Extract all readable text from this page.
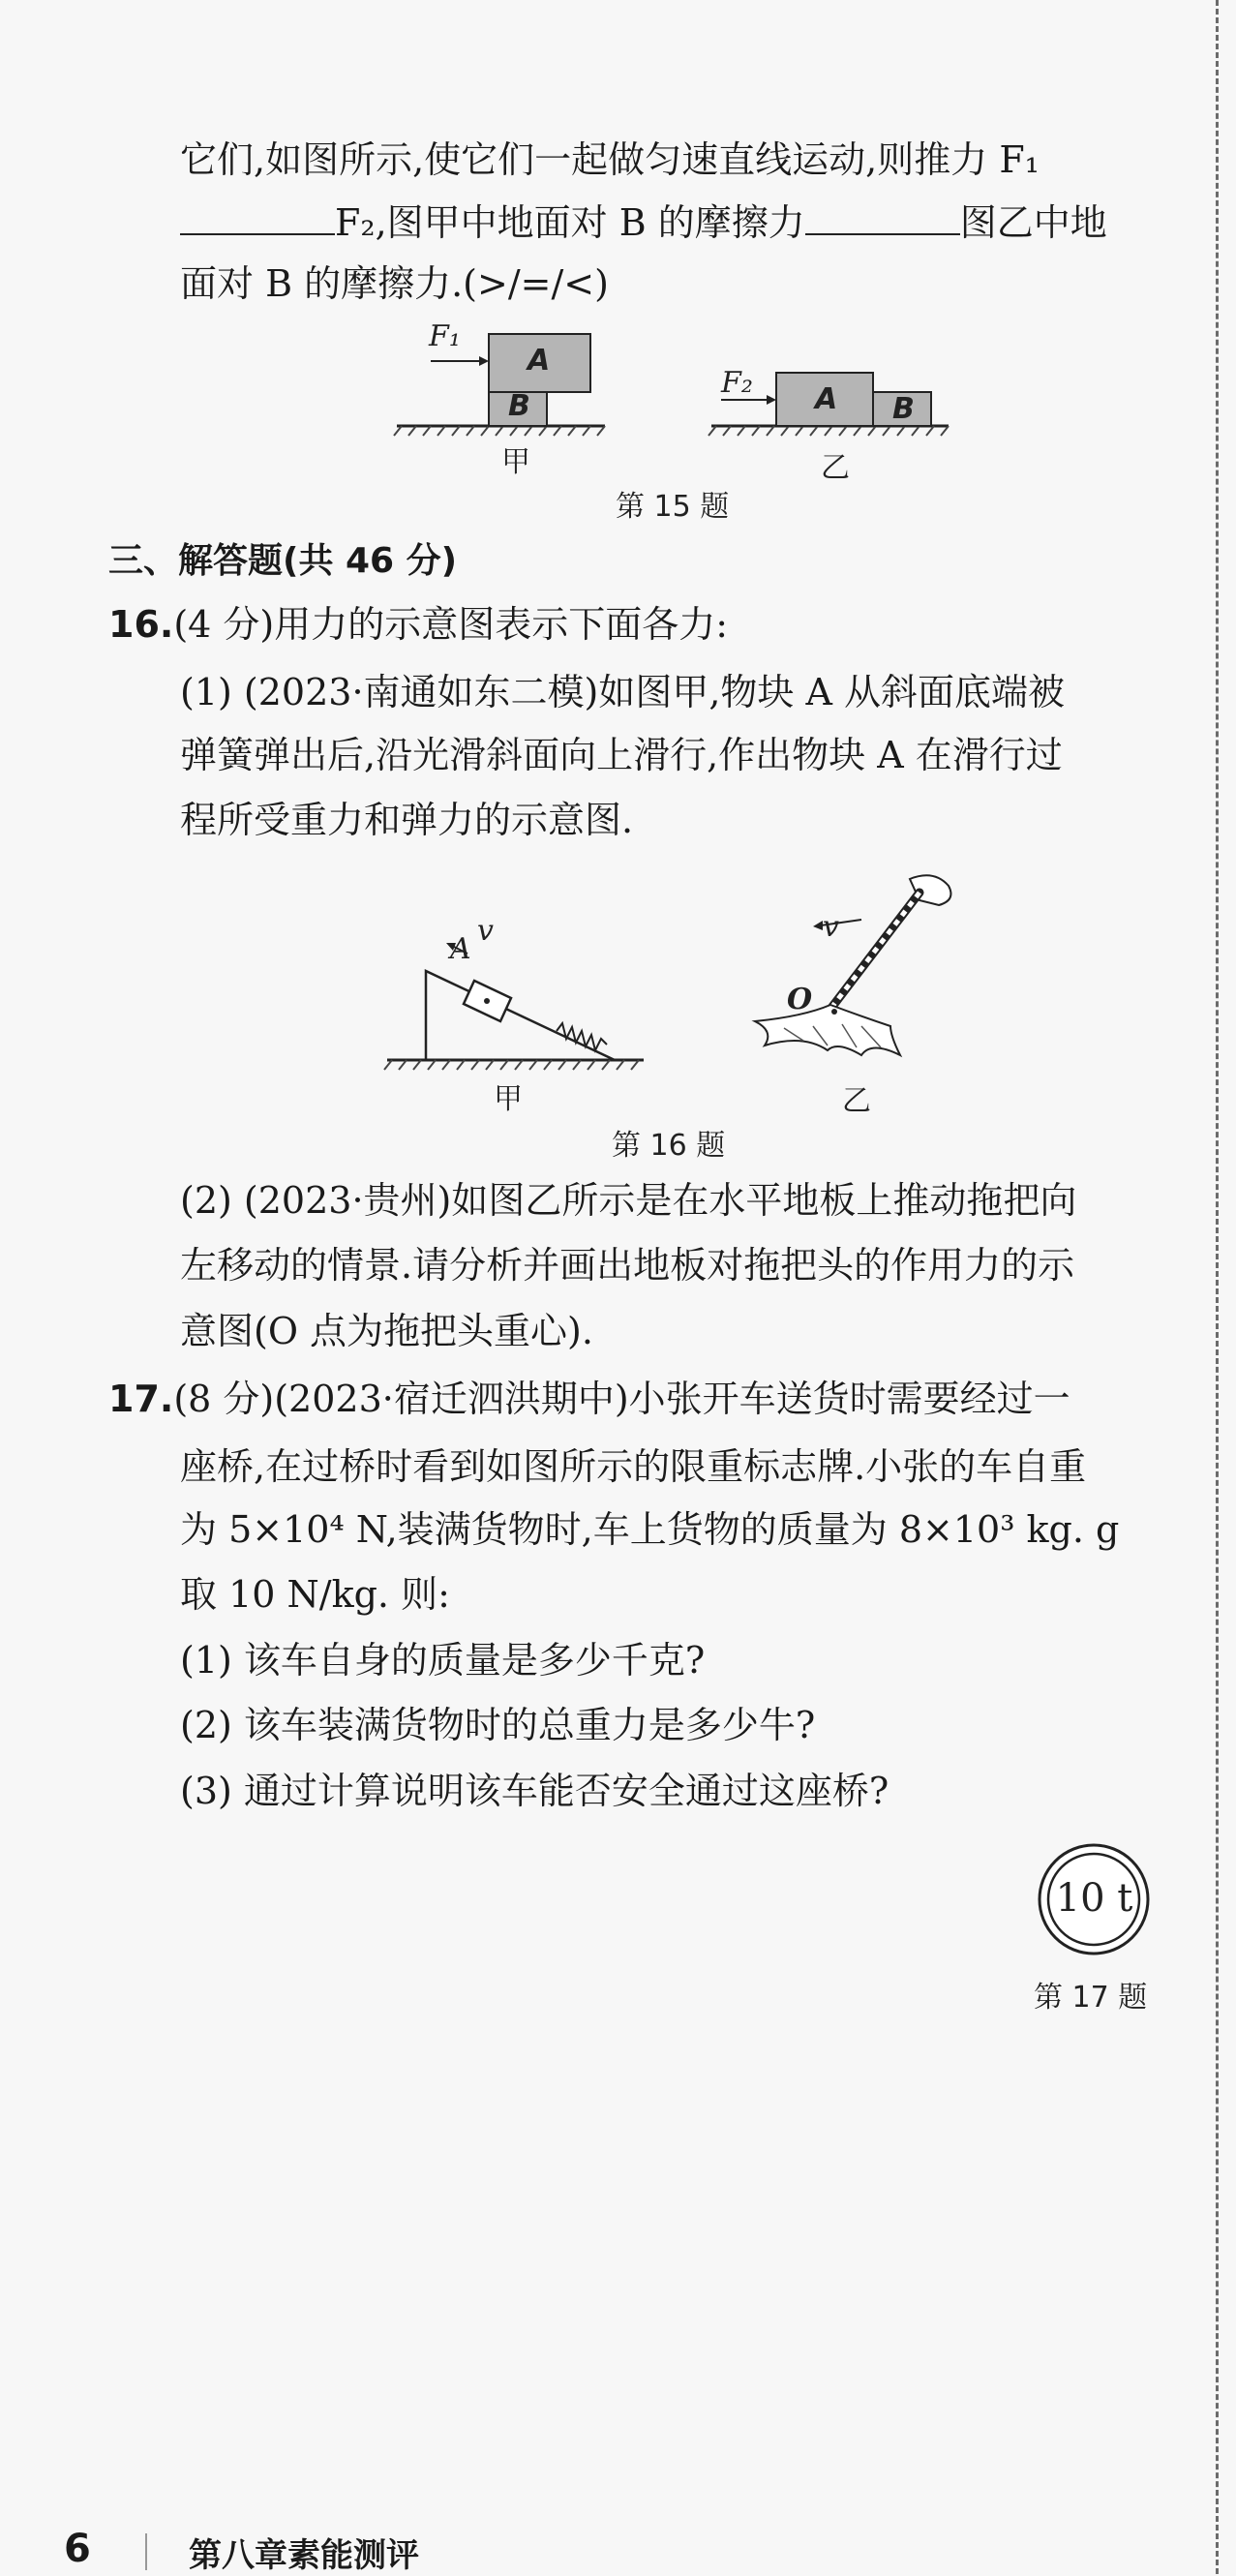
它们,如图所示,使它们一起做匀速直线运动,则推力 F₁
F₂,图甲中地面对 B 的摩擦力	图乙中地
面对 B 的摩擦力.(>/=/<)
F₁
A
B
甲
F₂ A B
乙
第 15 题
三、解答题(共 46 分)
16.(4 分)用力的示意图表示下面各力:
(1) (2023·南通如东二模)如图甲,物块 A 从斜面底端被
弹簧弹出后,沿光滑斜面向上滑行,作出物块 A 在滑行过
程所受重力和弹力的示意图.
v
A
甲
v
O
乙
第 16 题
(2) (2023·贵州)如图乙所示是在水平地板上推动拖把向
左移动的情景.请分析并画出地板对拖把头的作用力的示
意图(O 点为拖把头重心).
17.(8 分)(2023·宿迁泗洪期中)小张开车送货时需要经过一
座桥,在过桥时看到如图所示的限重标志牌.小张的车自重
为 5×10⁴ N,装满货物时,车上货物的质量为 8×10³ kg. g
取 10 N/kg. 则:
(1) 该车自身的质量是多少千克?
(2) 该车装满货物时的总重力是多少牛?
(3) 通过计算说明该车能否安全通过这座桥?
10 t
第 17 题
6	第八章素能测评
